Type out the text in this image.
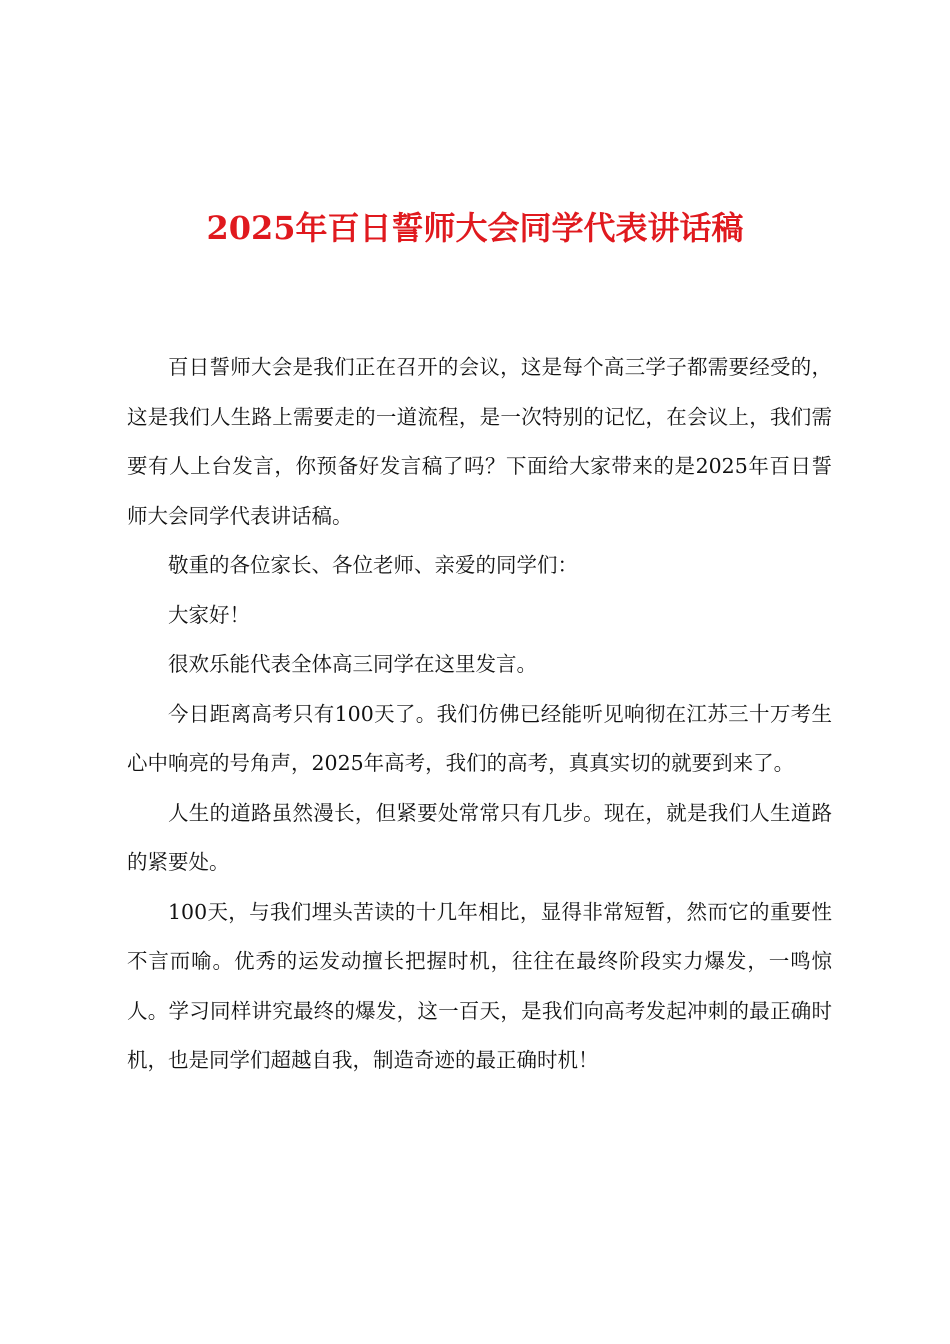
2025年百日誓师大会同学代表讲话稿

百日誓师大会是我们正在召开的会议，这是每个高三学子都需要经受的，这是我们人生路上需要走的一道流程，是一次特别的记忆，在会议上，我们需要有人上台发言，你预备好发言稿了吗？下面给大家带来的是2025年百日誓师大会同学代表讲话稿。

敬重的各位家长、各位老师、亲爱的同学们：

大家好！

很欢乐能代表全体高三同学在这里发言。

今日距离高考只有100天了。我们仿佛已经能听见响彻在江苏三十万考生心中响亮的号角声，2025年高考，我们的高考，真真实切的就要到来了。

人生的道路虽然漫长，但紧要处常常只有几步。现在，就是我们人生道路的紧要处。

100天，与我们埋头苦读的十几年相比，显得非常短暂，然而它的重要性不言而喻。优秀的运发动擅长把握时机，往往在最终阶段实力爆发，一鸣惊人。学习同样讲究最终的爆发，这一百天，是我们向高考发起冲刺的最正确时机，也是同学们超越自我，制造奇迹的最正确时机！
